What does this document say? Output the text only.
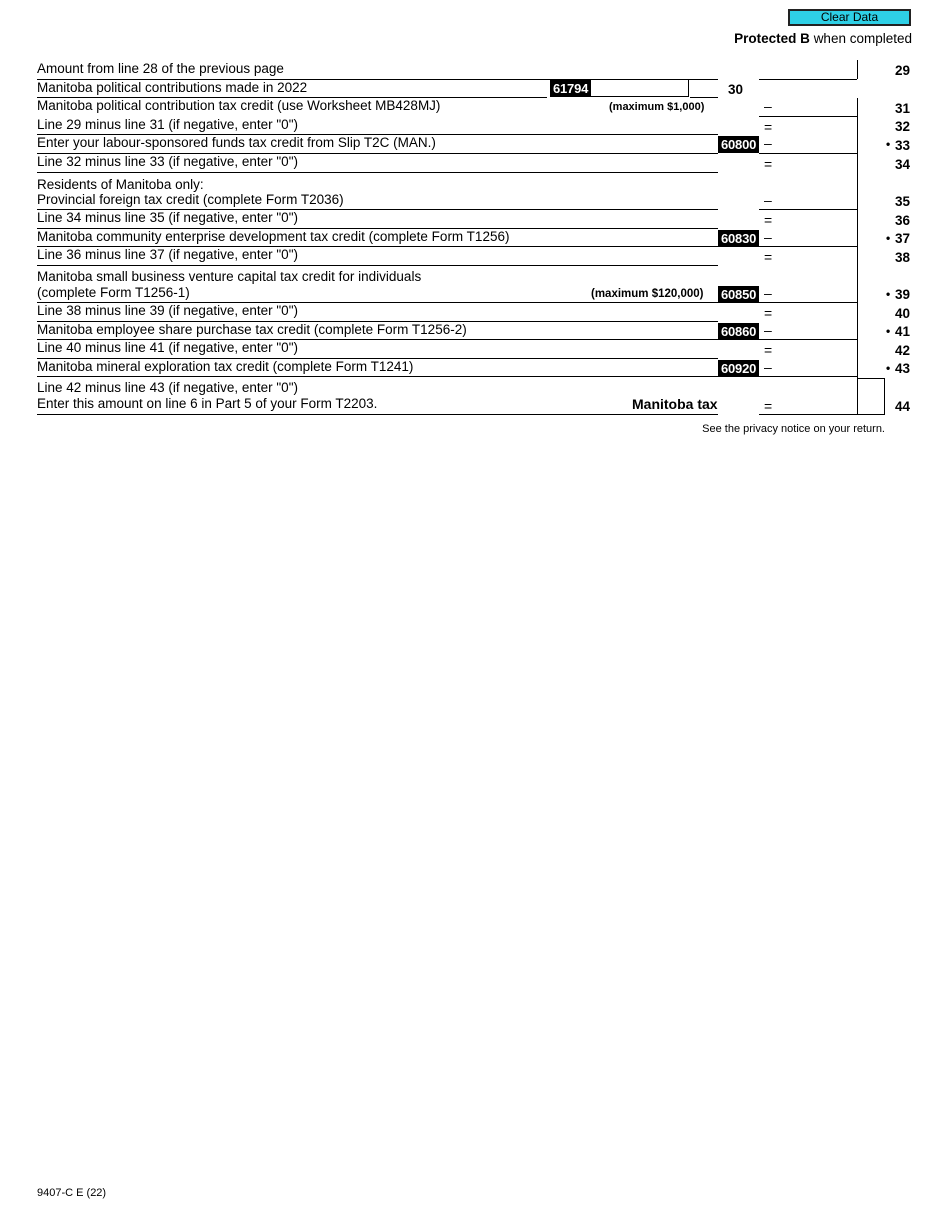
Clear Data
Protected B when completed
Amount from line 28 of the previous page	29
Manitoba political contributions made in 2022	61794	30
Manitoba political contribution tax credit (use Worksheet MB428MJ)	(maximum $1,000)	–	31
Line 29 minus line 31 (if negative, enter "0")	=	32
Enter your labour-sponsored funds tax credit from Slip T2C (MAN.)	60800 –	• 33
Line 32 minus line 33 (if negative, enter "0")	=	34
Residents of Manitoba only:
Provincial foreign tax credit (complete Form T2036)	–	35
Line 34 minus line 35 (if negative, enter "0")	=	36
Manitoba community enterprise development tax credit (complete Form T1256)	60830 –	• 37
Line 36 minus line 37 (if negative, enter "0")	=	38
Manitoba small business venture capital tax credit for individuals
(complete Form T1256-1)	(maximum $120,000) 60850 –	• 39
Line 38 minus line 39 (if negative, enter "0")	=	40
Manitoba employee share purchase tax credit (complete Form T1256-2)	60860 –	• 41
Line 40 minus line 41 (if negative, enter "0")	=	42
Manitoba mineral exploration tax credit (complete Form T1241)	60920 –	• 43
Line 42 minus line 43 (if negative, enter "0")
Enter this amount on line 6 in Part 5 of your Form T2203.	Manitoba tax	=	44
See the privacy notice on your return.
9407-C E (22)
